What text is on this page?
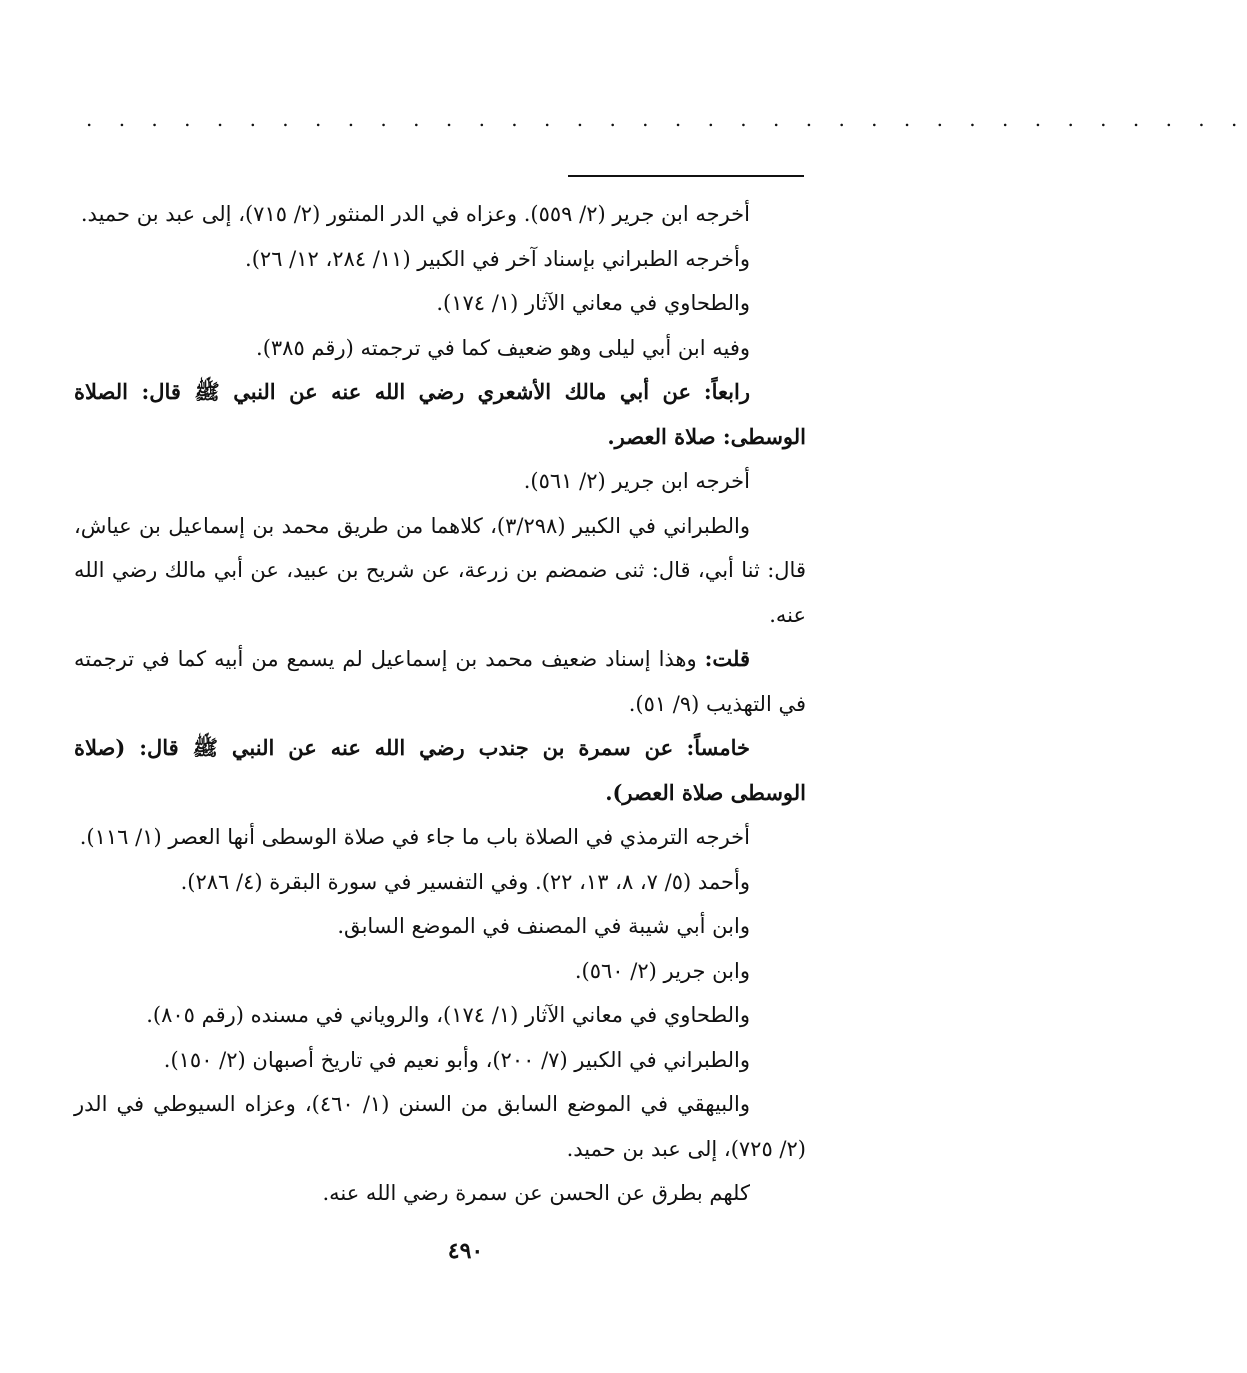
. . . . . . . . . . . . . . . . . . . . . . . . . . . . . . . . . . . .

أخرجه ابن جرير (٢/ ٥٥٩). وعزاه في الدر المنثور (٢/ ٧١٥)، إلى عبد بن حميد.

وأخرجه الطبراني بإسناد آخر في الكبير (١١/ ٢٨٤، ١٢/ ٢٦).

والطحاوي في معاني الآثار (١/ ١٧٤).

وفيه ابن أبي ليلى وهو ضعيف كما في ترجمته (رقم ٣٨٥).

رابعاً: عن أبي مالك الأشعري رضي الله عنه عن النبي ﷺ قال: الصلاة الوسطى: صلاة العصر.

أخرجه ابن جرير (٢/ ٥٦١).

والطبراني في الكبير (٣/٢٩٨)، كلاهما من طريق محمد بن إسماعيل بن عياش، قال: ثنا أبي، قال: ثنى ضمضم بن زرعة، عن شريح بن عبيد، عن أبي مالك رضي الله عنه.

قلت: وهذا إسناد ضعيف محمد بن إسماعيل لم يسمع من أبيه كما في ترجمته في التهذيب (٩/ ٥١).

خامساً: عن سمرة بن جندب رضي الله عنه عن النبي ﷺ قال: (صلاة الوسطى صلاة العصر).

أخرجه الترمذي في الصلاة باب ما جاء في صلاة الوسطى أنها العصر (١/ ١١٦).

وأحمد (٥/ ٧، ٨، ١٣، ٢٢). وفي التفسير في سورة البقرة (٤/ ٢٨٦).

وابن أبي شيبة في المصنف في الموضع السابق.

وابن جرير (٢/ ٥٦٠).

والطحاوي في معاني الآثار (١/ ١٧٤)، والروياني في مسنده (رقم ٨٠٥).

والطبراني في الكبير (٧/ ٢٠٠)، وأبو نعيم في تاريخ أصبهان (٢/ ١٥٠).

والبيهقي في الموضع السابق من السنن (١/ ٤٦٠)، وعزاه السيوطي في الدر (٢/ ٧٢٥)، إلى عبد بن حميد.

كلهم بطرق عن الحسن عن سمرة رضي الله عنه.

٤٩٠
